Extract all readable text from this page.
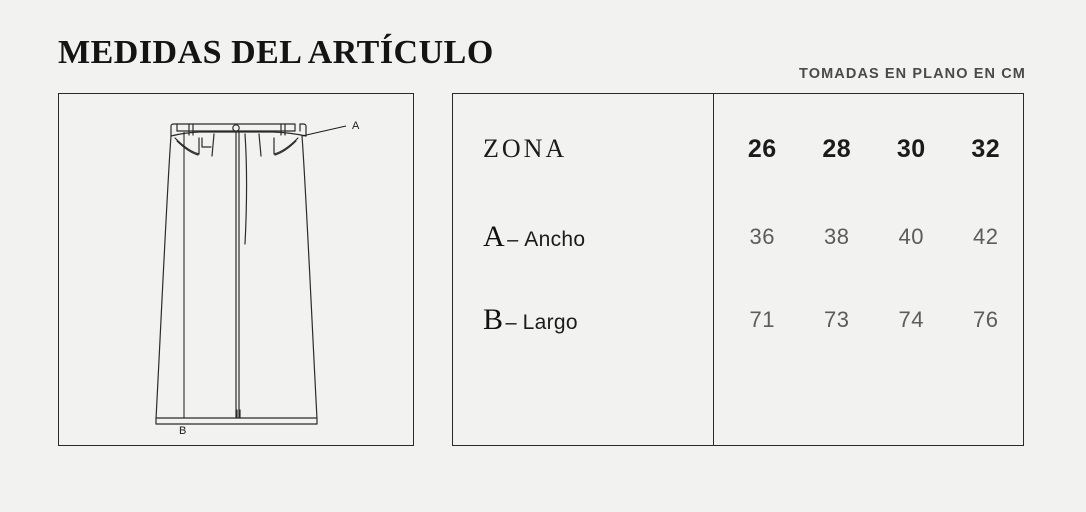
MEDIDAS DEL ARTÍCULO
TOMADAS EN PLANO EN CM
A
B
ZONA	26	28	30	32
A – Ancho	36	38	40	42
B – Largo	71	73	74	76
